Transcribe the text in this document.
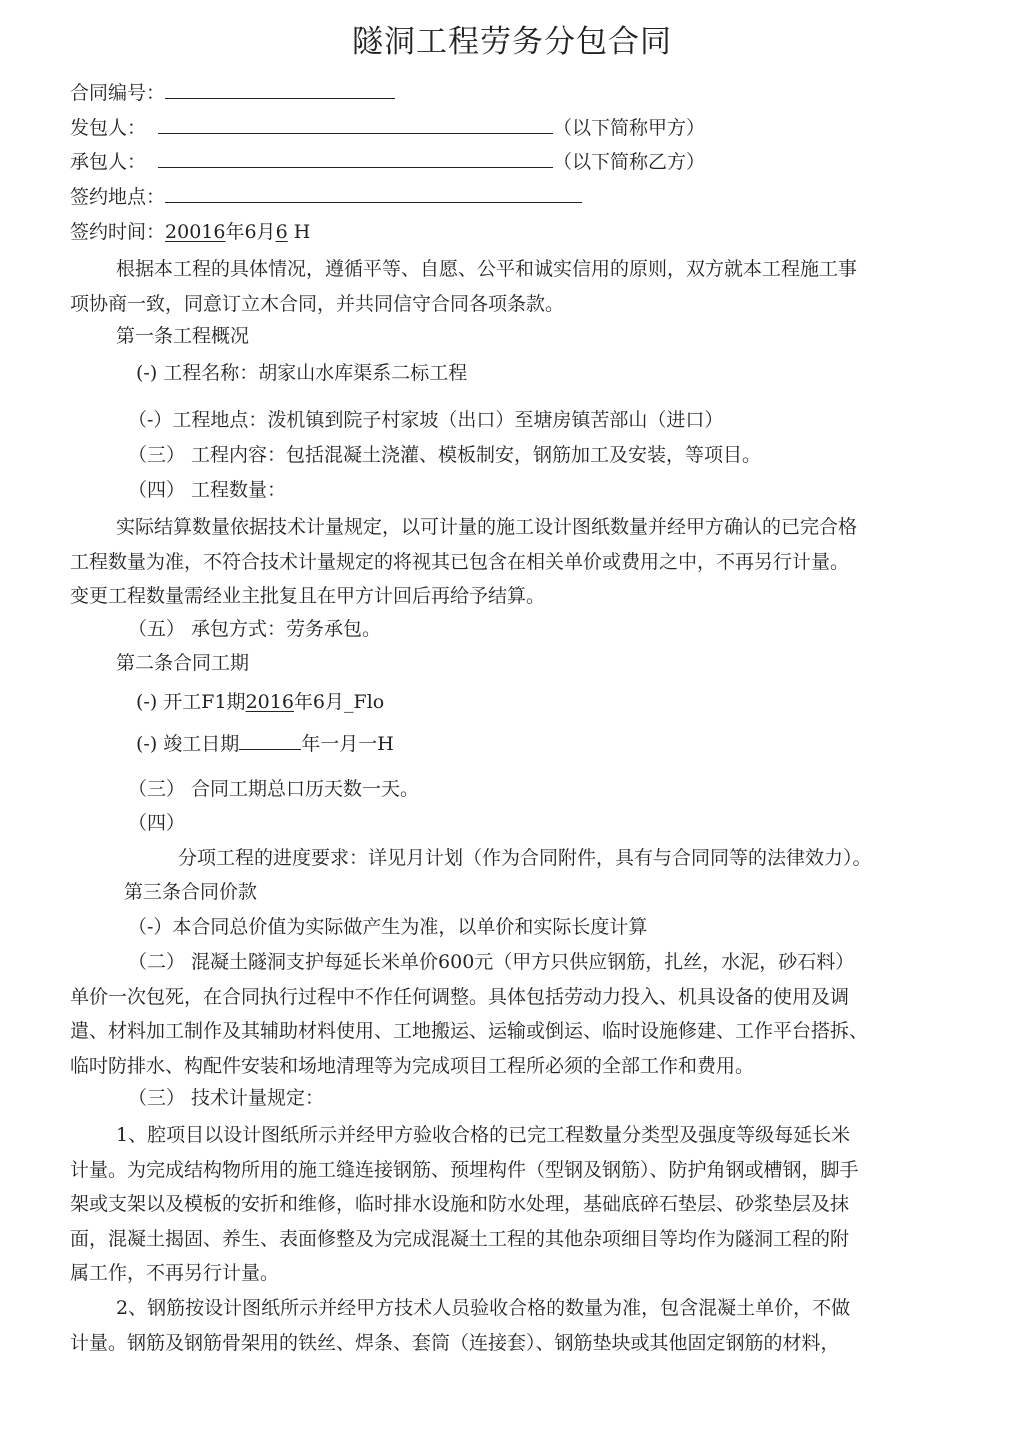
隧洞工程劳务分包合同
合同编号：
发包人：	（以下简称甲方）
承包人：	（以下简称乙方）
签约地点：
签约时间：20016年6月6 H
根据本工程的具体情况，遵循平等、自愿、公平和诚实信用的原则，双方就本工程施工事
项协商一致，同意订立木合同，并共同信守合同各项条款。
第一条工程概况
(-) 工程名称：胡家山水库渠系二标工程
（-）工程地点：泼机镇到院子村家坡（出口）至塘房镇苦部山（进口）
（三） 工程内容：包括混凝土浇灌、模板制安，钢筋加工及安装，等项目。
（四） 工程数量：
实际结算数量依据技术计量规定，以可计量的施工设计图纸数量并经甲方确认的已完合格
工程数量为准，不符合技术计量规定的将视其已包含在相关单价或费用之中，不再另行计量。
变更工程数量需经业主批复且在甲方计回后再给予结算。
（五） 承包方式：劳务承包。
第二条合同工期
(-) 开工F1期2016年6月_Flo
(-) 竣工日期	年一月一H
（三） 合同工期总口历天数一天。
（四）
分项工程的进度要求：详见月计划（作为合同附件，具有与合同同等的法律效力）。
第三条合同价款
（-）本合同总价值为实际做产生为准，以单价和实际长度计算
（二） 混凝土隧洞支护每延长米单价600元（甲方只供应钢筋，扎丝，水泥，砂石料）
单价一次包死，在合同执行过程中不作任何调整。具体包括劳动力投入、机具设备的使用及调
遣、材料加工制作及其辅助材料使用、工地搬运、运输或倒运、临时设施修建、工作平台搭拆、
临吋防排水、构配件安装和场地清理等为完成项目工程所必须的全部工作和费用。
（三） 技术计量规定：
1、腔项目以设计图纸所示并经甲方验收合格的已完工程数量分类型及强度等级每延长米
计量。为完成结构物所用的施工缝连接钢筋、预埋构件（型钢及钢筋）、防护角钢或槽钢，脚手
架或支架以及模板的安折和维修，临时排水设施和防水处理，基础底碎石垫层、砂浆垫层及抹
面，混凝土揭固、养生、表面修整及为完成混凝土工程的其他杂项细目等均作为隧洞工程的附
属工作，不再另行计量。
2、钢筋按设计图纸所示并经甲方技术人员验收合格的数量为准，包含混凝土单价，不做
计量。钢筋及钢筋骨架用的铁丝、焊条、套筒（连接套）、钢筋垫块或其他固定钢筋的材料，
